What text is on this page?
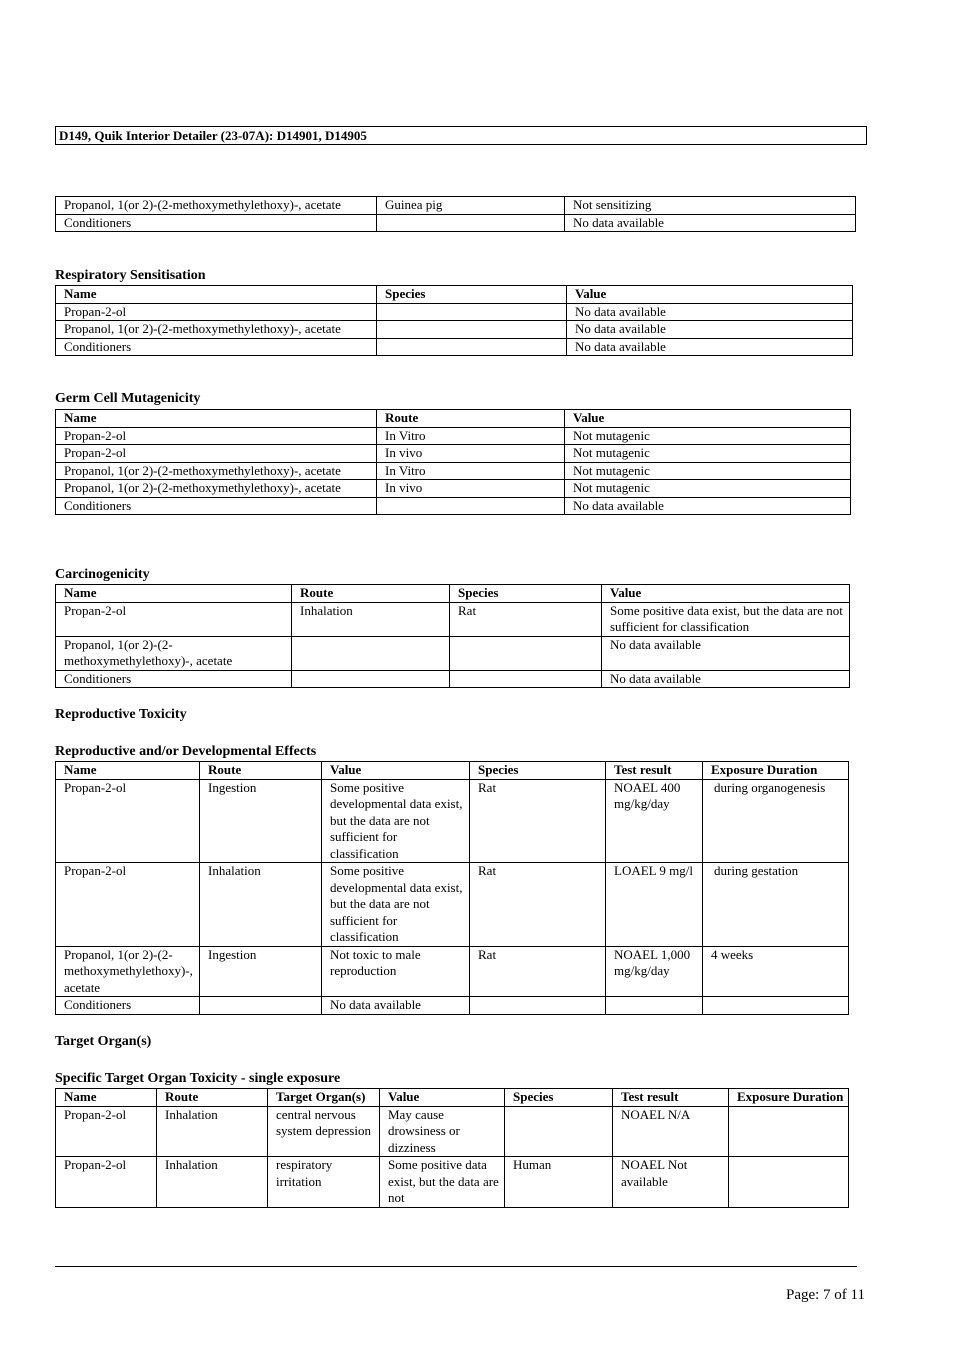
D149, Quik Interior Detailer (23-07A): D14901, D14905
Propanol, 1(or 2)-(2-methoxymethylethoxy)-, acetate	Guinea pig	Not sensitizing
Conditioners		No data available
Respiratory Sensitisation
Name	Species	Value
Propan-2-ol		No data available
Propanol, 1(or 2)-(2-methoxymethylethoxy)-, acetate		No data available
Conditioners		No data available
Germ Cell Mutagenicity
Name	Route	Value
Propan-2-ol	In Vitro	Not mutagenic
Propan-2-ol	In vivo	Not mutagenic
Propanol, 1(or 2)-(2-methoxymethylethoxy)-, acetate	In Vitro	Not mutagenic
Propanol, 1(or 2)-(2-methoxymethylethoxy)-, acetate	In vivo	Not mutagenic
Conditioners		No data available
Carcinogenicity
Name	Route	Species	Value
Propan-2-ol	Inhalation	Rat	Some positive data exist, but the data are not sufficient for classification
Propanol, 1(or 2)-(2-methoxymethylethoxy)-, acetate			No data available
Conditioners			No data available
Reproductive Toxicity
Reproductive and/or Developmental Effects
Name	Route	Value	Species	Test result	Exposure Duration
Propan-2-ol	Ingestion	Some positive developmental data exist, but the data are not sufficient for classification	Rat	NOAEL 400 mg/kg/day	during organogenesis
Propan-2-ol	Inhalation	Some positive developmental data exist, but the data are not sufficient for classification	Rat	LOAEL 9 mg/l	during gestation
Propanol, 1(or 2)-(2-methoxymethylethoxy)-, acetate	Ingestion	Not toxic to male reproduction	Rat	NOAEL 1,000 mg/kg/day	4 weeks
Conditioners		No data available			
Target Organ(s)
Specific Target Organ Toxicity - single exposure
Name	Route	Target Organ(s)	Value	Species	Test result	Exposure Duration
Propan-2-ol	Inhalation	central nervous system depression	May cause drowsiness or dizziness		NOAEL N/A	
Propan-2-ol	Inhalation	respiratory irritation	Some positive data exist, but the data are not	Human	NOAEL Not available	
Page: 7 of 11
